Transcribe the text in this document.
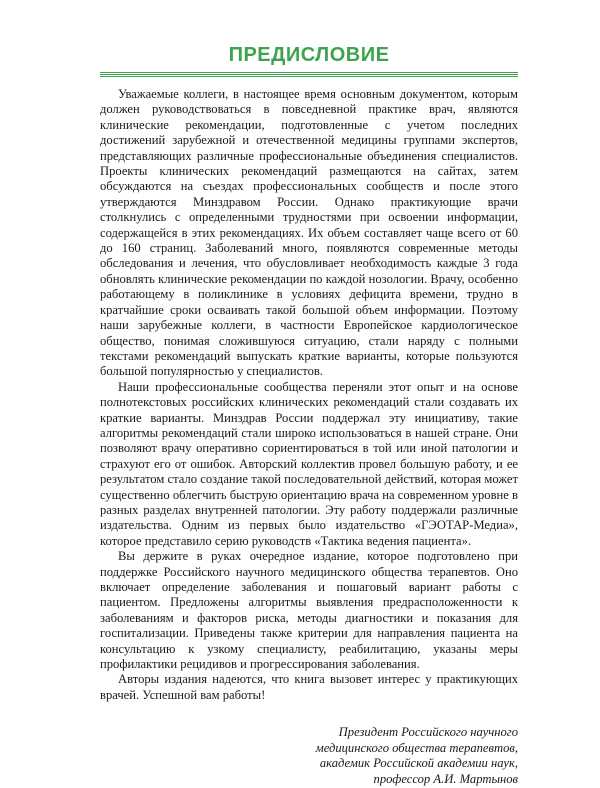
ПРЕДИСЛОВИЕ

Уважаемые коллеги, в настоящее время основным документом, которым должен руководствоваться в повседневной практике врач, являются клинические рекомендации, подготовленные с учетом последних достижений зарубежной и отечественной медицины группами экспертов, представляющих различные профессиональные объединения специалистов. Проекты клинических рекомендаций размещаются на сайтах, затем обсуждаются на съездах профессиональных сообществ и после этого утверждаются Минздравом России. Однако практикующие врачи столкнулись с определенными трудностями при освоении информации, содержащейся в этих рекомендациях. Их объем составляет чаще всего от 60 до 160 страниц. Заболеваний много, появляются современные методы обследования и лечения, что обусловливает необходимость каждые 3 года обновлять клинические рекомендации по каждой нозологии. Врачу, особенно работающему в поликлинике в условиях дефицита времени, трудно в кратчайшие сроки осваивать такой большой объем информации. Поэтому наши зарубежные коллеги, в частности Европейское кардиологическое общество, понимая сложившуюся ситуацию, стали наряду с полными текстами рекомендаций выпускать краткие варианты, которые пользуются большой популярностью у специалистов.

Наши профессиональные сообщества переняли этот опыт и на основе полнотекстовых российских клинических рекомендаций стали создавать их краткие варианты. Минздрав России поддержал эту инициативу, такие алгоритмы рекомендаций стали широко использоваться в нашей стране. Они позволяют врачу оперативно сориентироваться в той или иной патологии и страхуют его от ошибок. Авторский коллектив провел большую работу, и ее результатом стало создание такой последовательной действий, которая может существенно облегчить быструю ориентацию врача на современном уровне в разных разделах внутренней патологии. Эту работу поддержали различные издательства. Одним из первых было издательство «ГЭОТАР-Медиа», которое представило серию руководств «Тактика ведения пациента».

Вы держите в руках очередное издание, которое подготовлено при поддержке Российского научного медицинского общества терапевтов. Оно включает определение заболевания и пошаговый вариант работы с пациентом. Предложены алгоритмы выявления предрасположенности к заболеваниям и факторов риска, методы диагностики и показания для госпитализации. Приведены также критерии для направления пациента на консультацию к узкому специалисту, реабилитацию, указаны меры профилактики рецидивов и прогрессирования заболевания.

Авторы издания надеются, что книга вызовет интерес у практикующих врачей. Успешной вам работы!

Президент Российского научного
медицинского общества терапевтов,
академик Российской академии наук,
профессор А.И. Мартынов
